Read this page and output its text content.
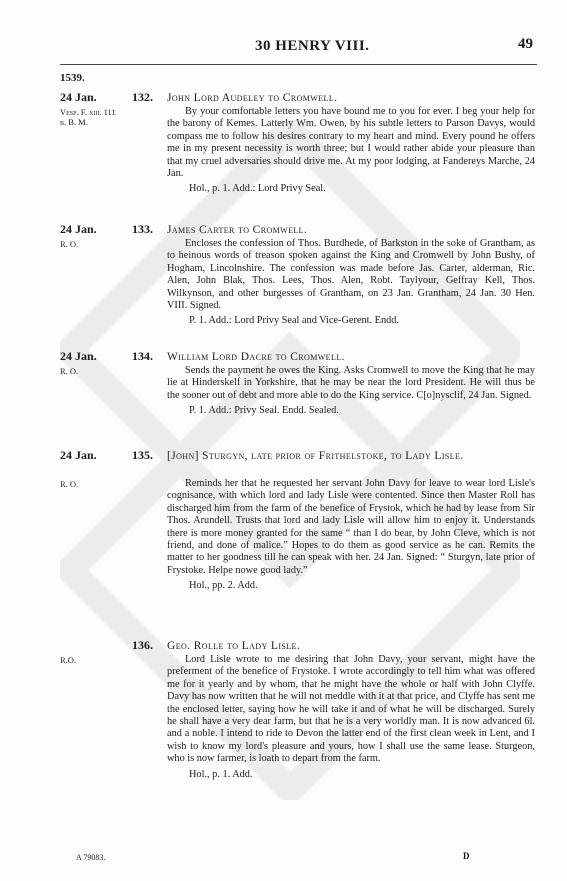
30 HENRY VIII.	49
1539.
24 Jan.	132. John Lord Audeley to Cromwell.
Vesp. F. xiii. 111 b. B. M.
By your comfortable letters you have bound me to you for ever. I beg your help for the barony of Kemes. Latterly Wm. Owen, by his subtle letters to Parson Davys, would compass me to follow his desires contrary to my heart and mind. Every pound he offers me in my present necessity is worth three; but I would rather abide your pleasure than that my cruel adversaries should drive me. At my poor lodging, at Fandereys Marche, 24 Jan.
Hol., p. 1. Add.: Lord Privy Seal.
24 Jan.	133. James Carter to Cromwell.
R. O.	Encloses the confession of Thos. Burdhede, of Barkston in the soke of Grantham, as to heinous words of treason spoken against the King and Cromwell by John Bushy, of Hogham, Lincolnshire. The confession was made before Jas. Carter, alderman, Ric. Alen, John Blak, Thos. Lees, Thos. Alen, Robt. Taylyour, Geffray Kell, Thos. Wilkynson, and other burgesses of Grantham, on 23 Jan. Grantham, 24 Jan. 30 Hen. VIII. Signed.
P. 1. Add.: Lord Privy Seal and Vice-Gerent. Endd.
24 Jan.	134. William Lord Dacre to Cromwell.
R. O.	Sends the payment he owes the King. Asks Cromwell to move the King that he may lie at Hinderskelf in Yorkshire, that he may be near the lord President. He will thus be the sooner out of debt and more able to do the King service. C[o]nysclif, 24 Jan. Signed.
P. 1. Add.: Privy Seal. Endd. Sealed.
24 Jan.	135. [John] Sturgyn, late prior of Frithelstoke, to Lady Lisle.
R. O.	Reminds her that he requested her servant John Davy for leave to wear lord Lisle's cognisance, with which lord and lady Lisle were contented. Since then Master Roll has discharged him from the farm of the benefice of Frystok, which he had by lease from Sir Thos. Arundell. Trusts that lord and lady Lisle will allow him to enjoy it. Understands there is more money granted for the same “ than I do bear, by John Cleve, which is not friend, and done of malice.” Hopes to do them as good service as he can. Remits the matter to her goodness till he can speak with her. 24 Jan. Signed: “ Sturgyn, late prior of Frystoke. Helpe nowe good lady.”
Hol., pp. 2. Add.
136. Geo. Rolle to Lady Lisle.
R.O.	Lord Lisle wrote to me desiring that John Davy, your servant, might have the preferment of the benefice of Frystoke. I wrote accordingly to tell him what was offered me for it yearly and by whom, that he might have the whole or half with John Clyffe. Davy has now written that he will not meddle with it at that price, and Clyffe has sent me the enclosed letter, saying how he will take it and of what he will be discharged. Surely he shall have a very dear farm, but that he is a very worldly man. It is now advanced 6l. and a noble. I intend to ride to Devon the latter end of the first clean week in Lent, and I wish to know my lord's pleasure and yours, how I shall use the same lease. Sturgeon, who is now farmer, is loath to depart from the farm.
Hol., p. 1. Add.
A 79083.	D
